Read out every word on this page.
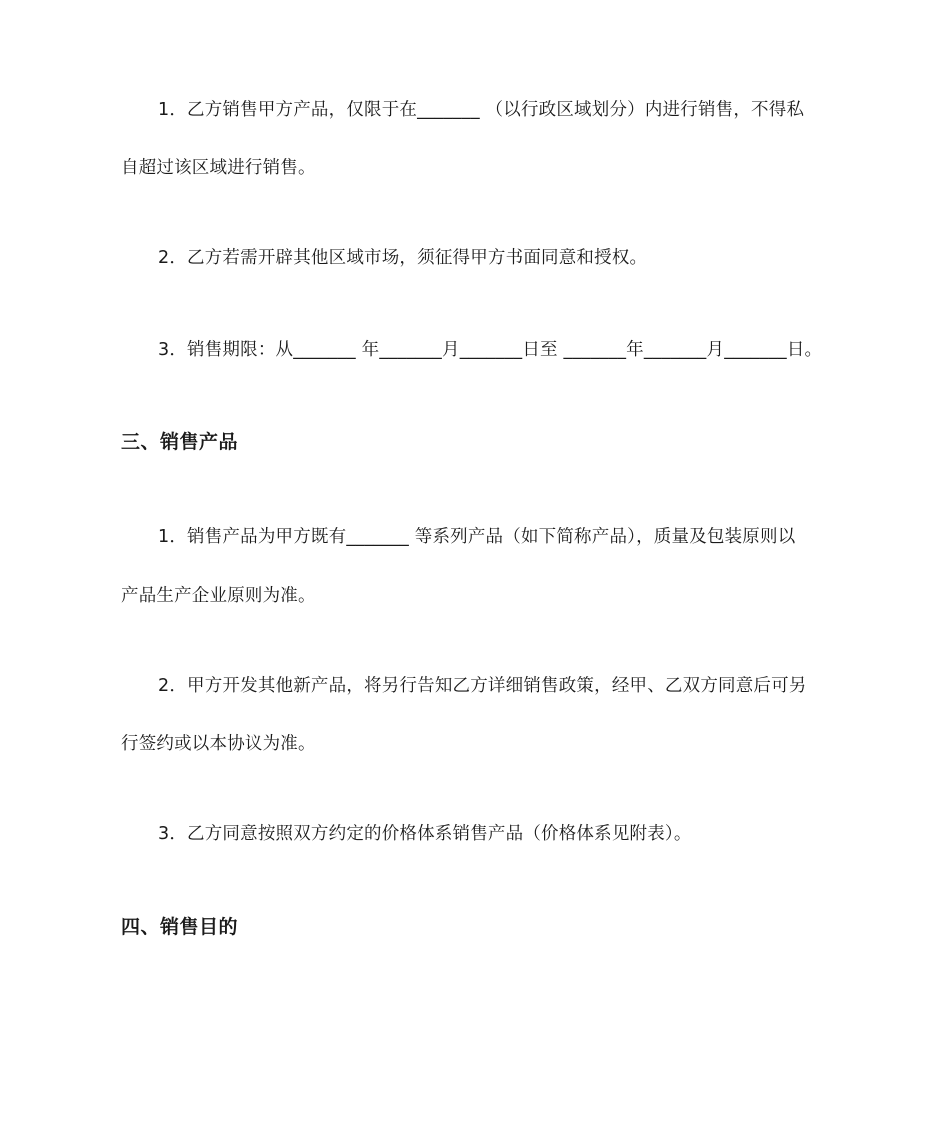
1．乙方销售甲方产品，仅限于在_______ （以行政区域划分）内进行销售，不得私
自超过该区域进行销售。
2．乙方若需开辟其他区域市场，须征得甲方书面同意和授权。
3．销售期限：从_______ 年_______月_______日至 _______年_______月_______日。
三、销售产品
1．销售产品为甲方既有_______ 等系列产品（如下简称产品），质量及包装原则以
产品生产企业原则为准。
2．甲方开发其他新产品，将另行告知乙方详细销售政策，经甲、乙双方同意后可另
行签约或以本协议为准。
3．乙方同意按照双方约定的价格体系销售产品（价格体系见附表）。
四、销售目的
